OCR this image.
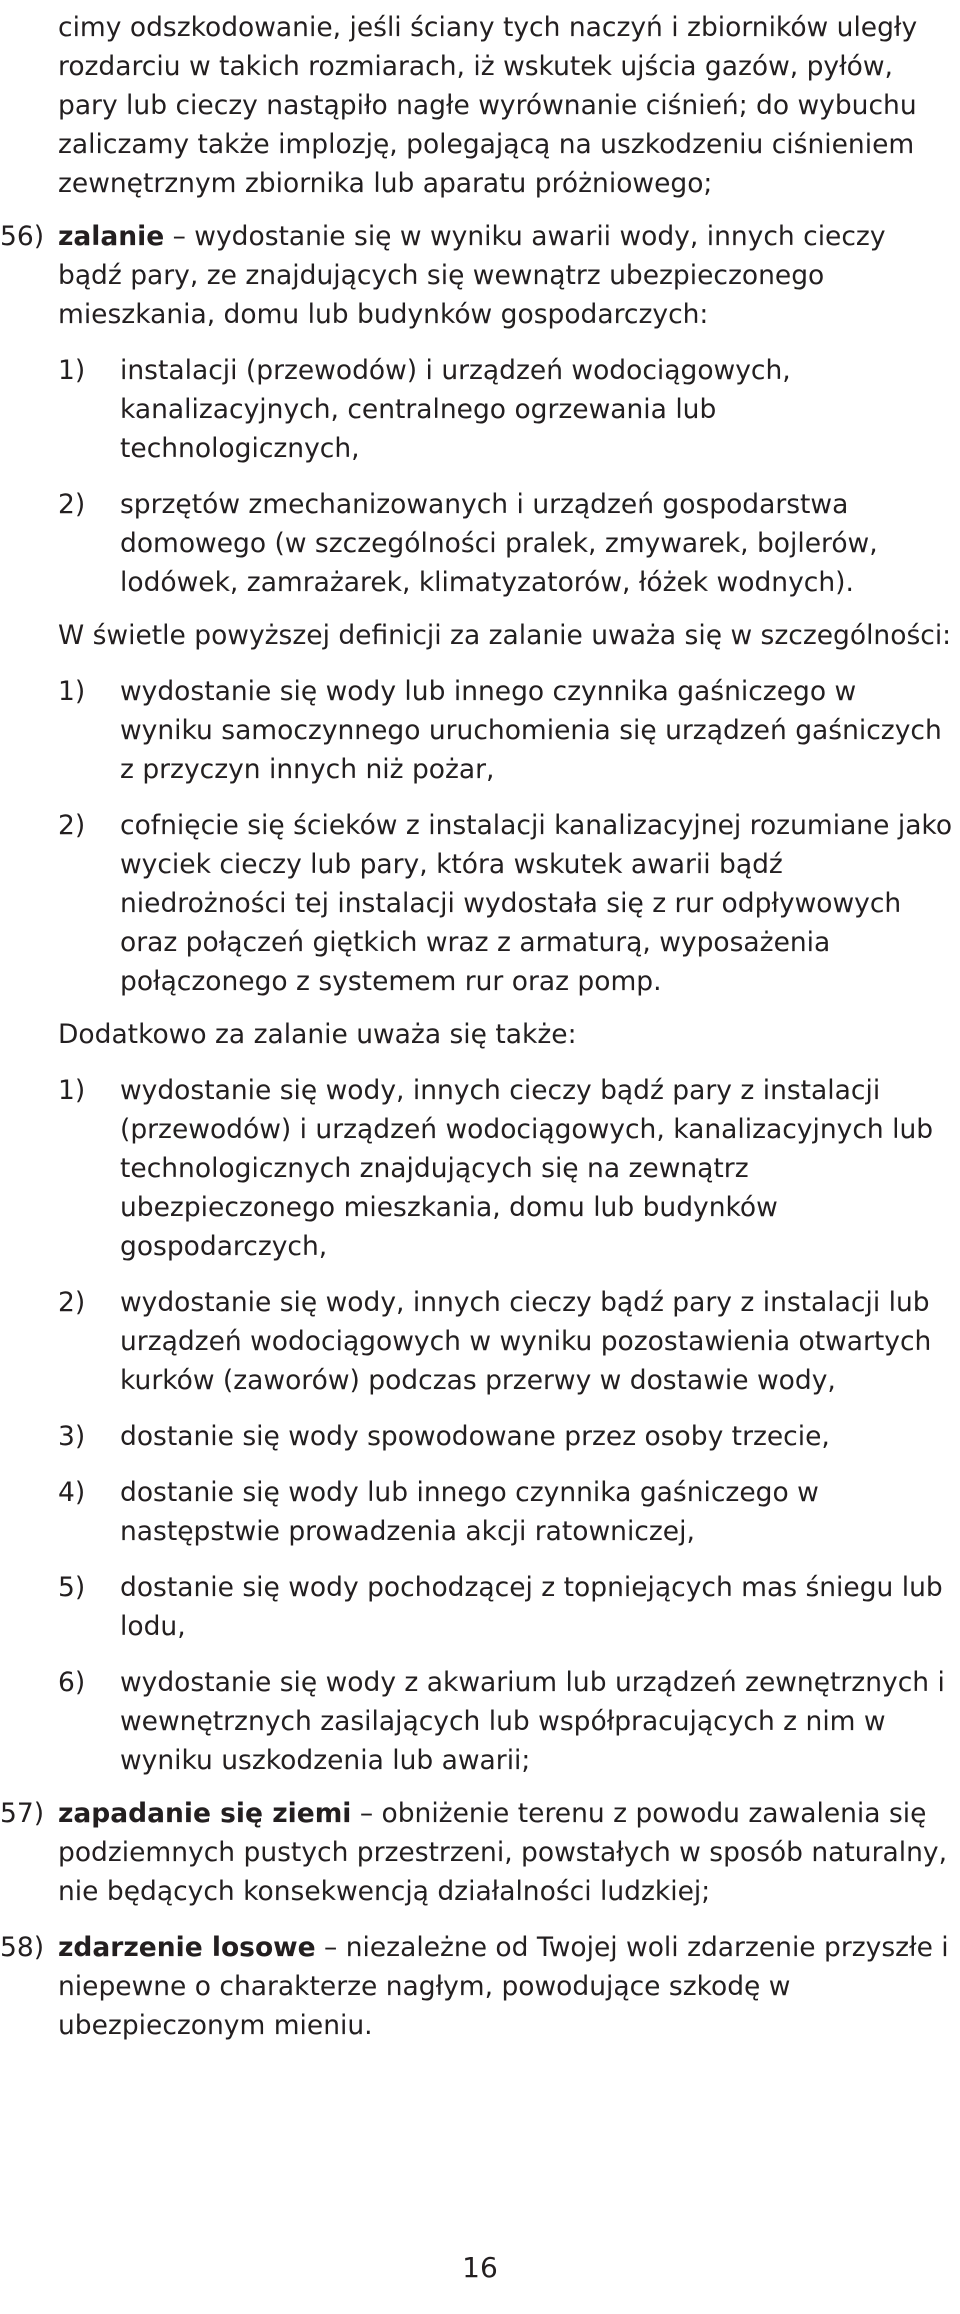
cimy odszkodowanie, jeśli ściany tych naczyń i zbiorników uległy rozdarciu w takich rozmiarach, iż wskutek ujścia gazów, pyłów, pary lub cieczy nastąpiło nagłe wyrównanie ciśnień; do wybuchu zaliczamy także implozję, polegającą na uszkodzeniu ciśnieniem zewnętrznym zbiornika lub aparatu próżniowego;

56) zalanie – wydostanie się w wyniku awarii wody, innych cieczy bądź pary, ze znajdujących się wewnątrz ubezpieczonego mieszkania, domu lub budynków gospodarczych:

1) instalacji (przewodów) i urządzeń wodociągowych, kanalizacyjnych, centralnego ogrzewania lub technologicznych,
2) sprzętów zmechanizowanych i urządzeń gospodarstwa domowego (w szczególności pralek, zmywarek, bojlerów, lodówek, zamrażarek, klimatyzatorów, łóżek wodnych).

W świetle powyższej definicji za zalanie uważa się w szczególności:

1) wydostanie się wody lub innego czynnika gaśniczego w wyniku samoczynnego uruchomienia się urządzeń gaśniczych z przyczyn innych niż pożar,
2) cofnięcie się ścieków z instalacji kanalizacyjnej rozumiane jako wyciek cieczy lub pary, która wskutek awarii bądź niedrożności tej instalacji wydostała się z rur odpływowych oraz połączeń giętkich wraz z armaturą, wyposażenia połączonego z systemem rur oraz pomp.

Dodatkowo za zalanie uważa się także:

1) wydostanie się wody, innych cieczy bądź pary z instalacji (przewodów) i urządzeń wodociągowych, kanalizacyjnych lub technologicznych znajdujących się na zewnątrz ubezpieczonego mieszkania, domu lub budynków gospodarczych,
2) wydostanie się wody, innych cieczy bądź pary z instalacji lub urządzeń wodociągowych w wyniku pozostawienia otwartych kurków (zaworów) podczas przerwy w dostawie wody,
3) dostanie się wody spowodowane przez osoby trzecie,
4) dostanie się wody lub innego czynnika gaśniczego w następstwie prowadzenia akcji ratowniczej,
5) dostanie się wody pochodzącej z topniejących mas śniegu lub lodu,
6) wydostanie się wody z akwarium lub urządzeń zewnętrznych i wewnętrznych zasilających lub współpracujących z nim w wyniku uszkodzenia lub awarii;
57) zapadanie się ziemi – obniżenie terenu z powodu zawalenia się podziemnych pustych przestrzeni, powstałych w sposób naturalny, nie będących konsekwencją działalności ludzkiej;

58) zdarzenie losowe – niezależne od Twojej woli zdarzenie przyszłe i niepewne o charakterze nagłym, powodujące szkodę w ubezpieczonym mieniu.

16
